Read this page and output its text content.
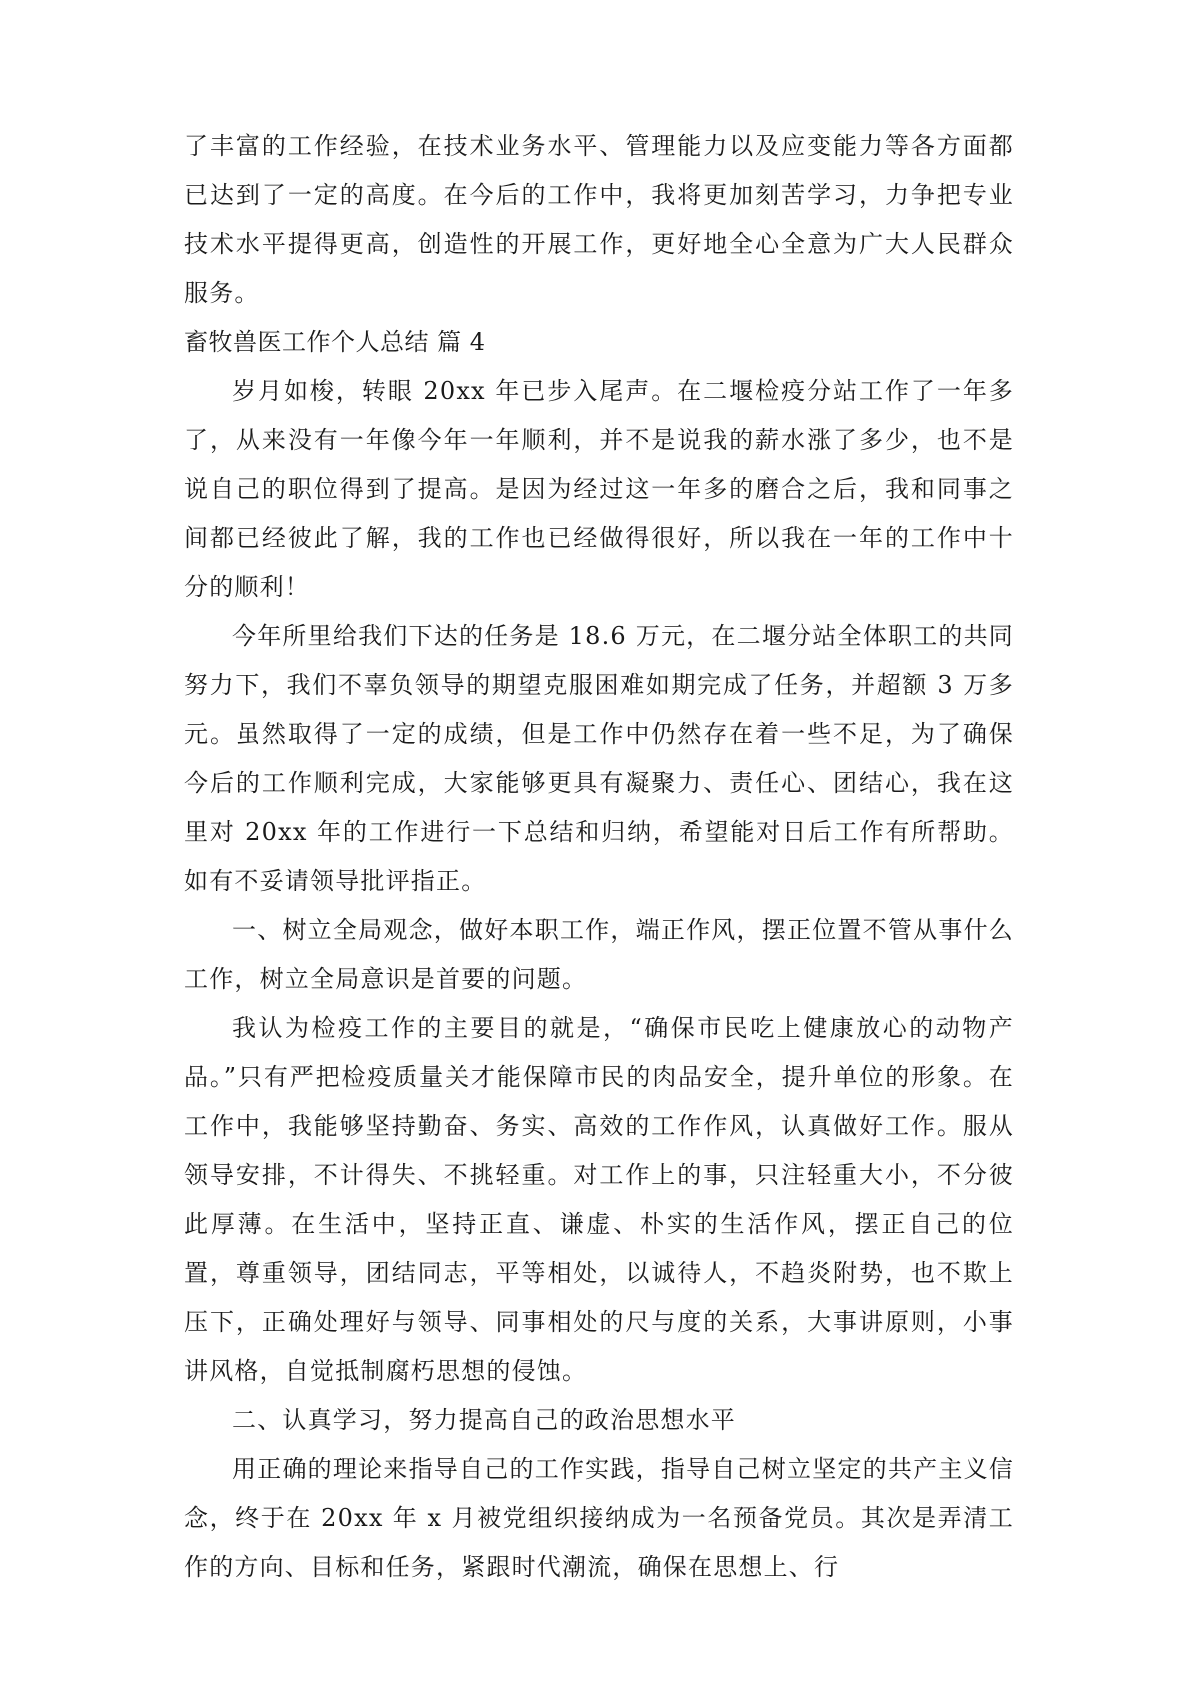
了丰富的工作经验，在技术业务水平、管理能力以及应变能力等各方面都已达到了一定的高度。在今后的工作中，我将更加刻苦学习，力争把专业技术水平提得更高，创造性的开展工作，更好地全心全意为广大人民群众服务。

畜牧兽医工作个人总结 篇 4

岁月如梭，转眼 20xx 年已步入尾声。在二堰检疫分站工作了一年多了，从来没有一年像今年一年顺利，并不是说我的薪水涨了多少，也不是说自己的职位得到了提高。是因为经过这一年多的磨合之后，我和同事之间都已经彼此了解，我的工作也已经做得很好，所以我在一年的工作中十分的顺利！

今年所里给我们下达的任务是 18.6 万元，在二堰分站全体职工的共同努力下，我们不辜负领导的期望克服困难如期完成了任务，并超额 3 万多元。虽然取得了一定的成绩，但是工作中仍然存在着一些不足，为了确保今后的工作顺利完成，大家能够更具有凝聚力、责任心、团结心，我在这里对 20xx 年的工作进行一下总结和归纳，希望能对日后工作有所帮助。如有不妥请领导批评指正。

一、树立全局观念，做好本职工作，端正作风，摆正位置不管从事什么工作，树立全局意识是首要的问题。

我认为检疫工作的主要目的就是，“确保市民吃上健康放心的动物产品。”只有严把检疫质量关才能保障市民的肉品安全，提升单位的形象。在工作中，我能够坚持勤奋、务实、高效的工作作风，认真做好工作。服从领导安排，不计得失、不挑轻重。对工作上的事，只注轻重大小，不分彼此厚薄。在生活中，坚持正直、谦虚、朴实的生活作风，摆正自己的位置，尊重领导，团结同志，平等相处，以诚待人，不趋炎附势，也不欺上压下，正确处理好与领导、同事相处的尺与度的关系，大事讲原则，小事讲风格，自觉抵制腐朽思想的侵蚀。

二、认真学习，努力提高自己的政治思想水平

用正确的理论来指导自己的工作实践，指导自己树立坚定的共产主义信念，终于在 20xx 年 x 月被党组织接纳成为一名预备党员。其次是弄清工作的方向、目标和任务，紧跟时代潮流，确保在思想上、行
